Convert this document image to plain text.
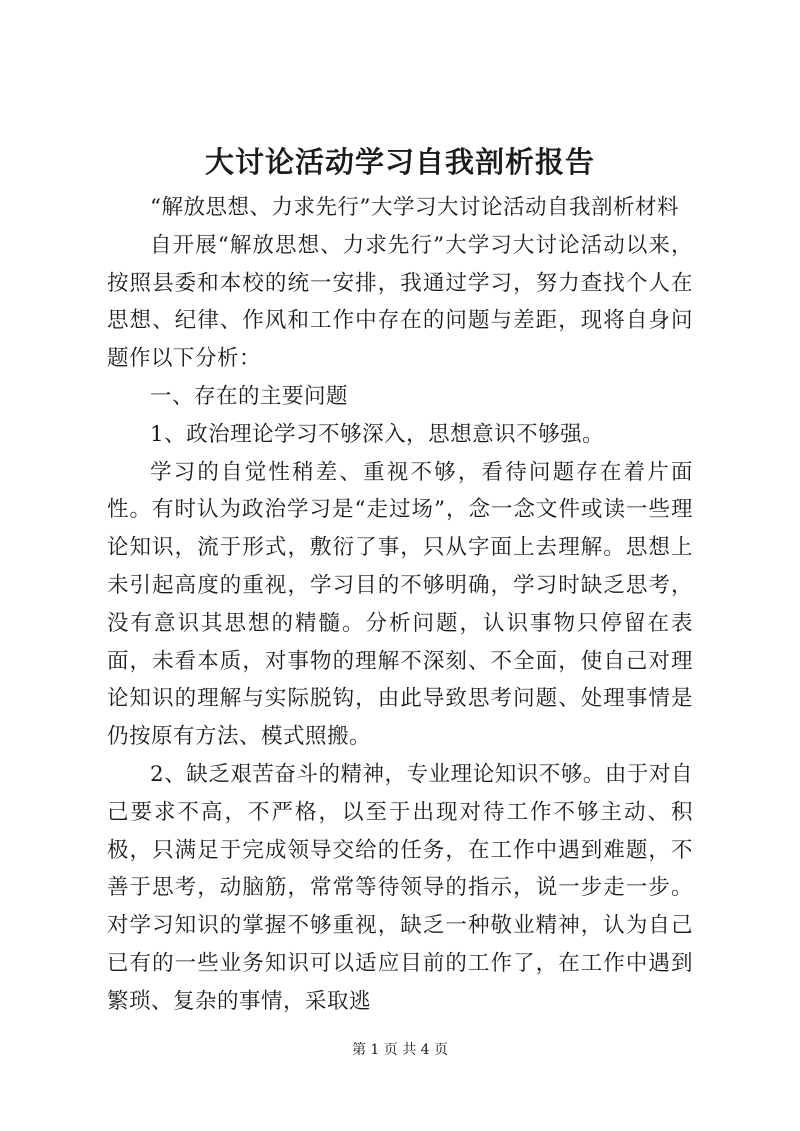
大讨论活动学习自我剖析报告

“解放思想、力求先行”大学习大讨论活动自我剖析材料

自开展“解放思想、力求先行”大学习大讨论活动以来，按照县委和本校的统一安排，我通过学习，努力查找个人在思想、纪律、作风和工作中存在的问题与差距，现将自身问题作以下分析：

一、存在的主要问题

1、政治理论学习不够深入，思想意识不够强。

学习的自觉性稍差、重视不够，看待问题存在着片面性。有时认为政治学习是“走过场”，念一念文件或读一些理论知识，流于形式，敷衍了事，只从字面上去理解。思想上未引起高度的重视，学习目的不够明确，学习时缺乏思考，没有意识其思想的精髓。分析问题，认识事物只停留在表面，未看本质，对事物的理解不深刻、不全面，使自己对理论知识的理解与实际脱钩，由此导致思考问题、处理事情是仍按原有方法、模式照搬。

2、缺乏艰苦奋斗的精神，专业理论知识不够。由于对自己要求不高，不严格，以至于出现对待工作不够主动、积极，只满足于完成领导交给的任务，在工作中遇到难题，不善于思考，动脑筋，常常等待领导的指示，说一步走一步。对学习知识的掌握不够重视，缺乏一种敬业精神，认为自己已有的一些业务知识可以适应目前的工作了，在工作中遇到繁琐、复杂的事情，采取逃

第 1 页 共 4 页
